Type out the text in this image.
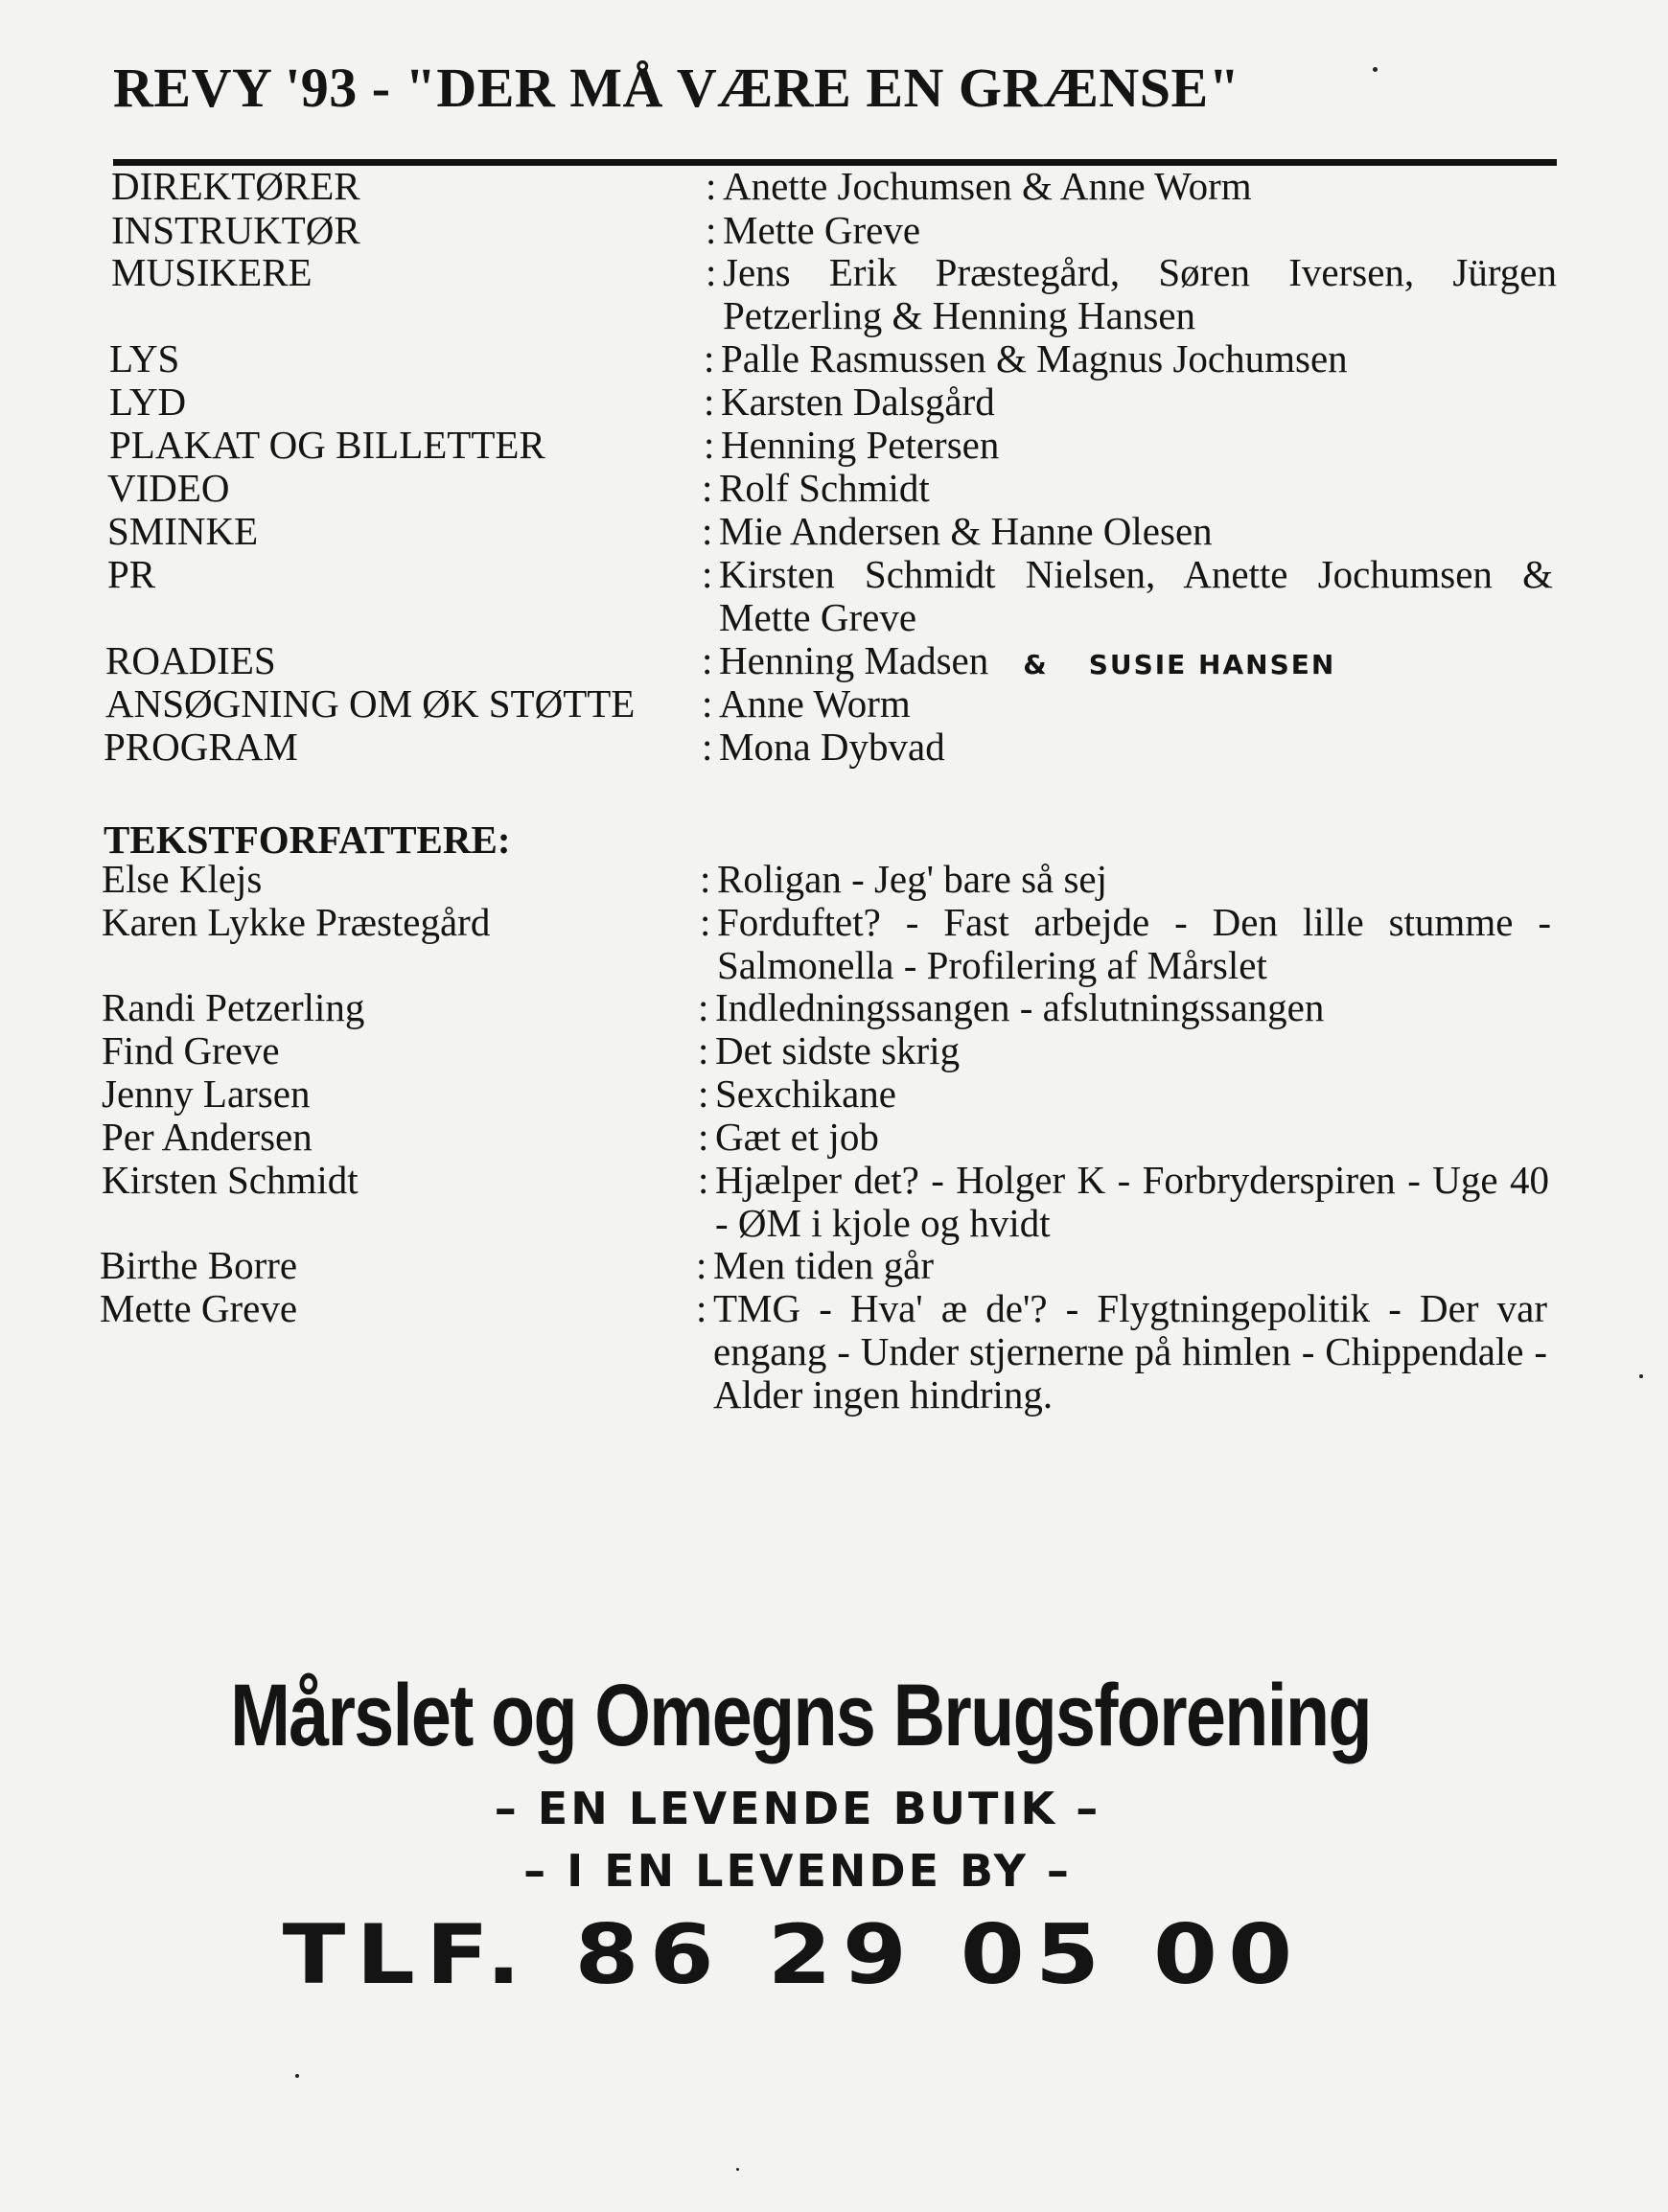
REVY '93 - "DER MÅ VÆRE EN GRÆNSE"
DIREKTØRER	: Anette Jochumsen & Anne Worm
INSTRUKTØR	: Mette Greve
MUSIKERE	: Jens Erik Præstegård, Søren Iversen, Jürgen Petzerling & Henning Hansen
LYS	: Palle Rasmussen & Magnus Jochumsen
LYD	: Karsten Dalsgård
PLAKAT OG BILLETTER	: Henning Petersen
VIDEO	: Rolf Schmidt
SMINKE	: Mie Andersen & Hanne Olesen
PR	: Kirsten Schmidt Nielsen, Anette Jochumsen & Mette Greve
ROADIES	: Henning Madsen & SUSIE HANSEN
ANSØGNING OM ØK STØTTE : Anne Worm
PROGRAM	: Mona Dybvad
TEKSTFORFATTERE:
Else Klejs	: Roligan - Jeg' bare så sej
Karen Lykke Præstegård	: Forduftet? - Fast arbejde - Den lille stumme - Salmonella - Profilering af Mårslet
Randi Petzerling	: Indledningssangen - afslutningssangen
Find Greve	: Det sidste skrig
Jenny Larsen	: Sexchikane
Per Andersen	: Gæt et job
Kirsten Schmidt	: Hjælper det? - Holger K - Forbryderspiren - Uge 40 - ØM i kjole og hvidt
Birthe Borre	: Men tiden går
Mette Greve	: TMG - Hva' æ de'? - Flygtningepolitik - Der var engang - Under stjernerne på himlen - Chippendale - Alder ingen hindring.
Mårslet og Omegns Brugsforening
– EN LEVENDE BUTIK –
– I EN LEVENDE BY –
TLF. 86 29 05 00
